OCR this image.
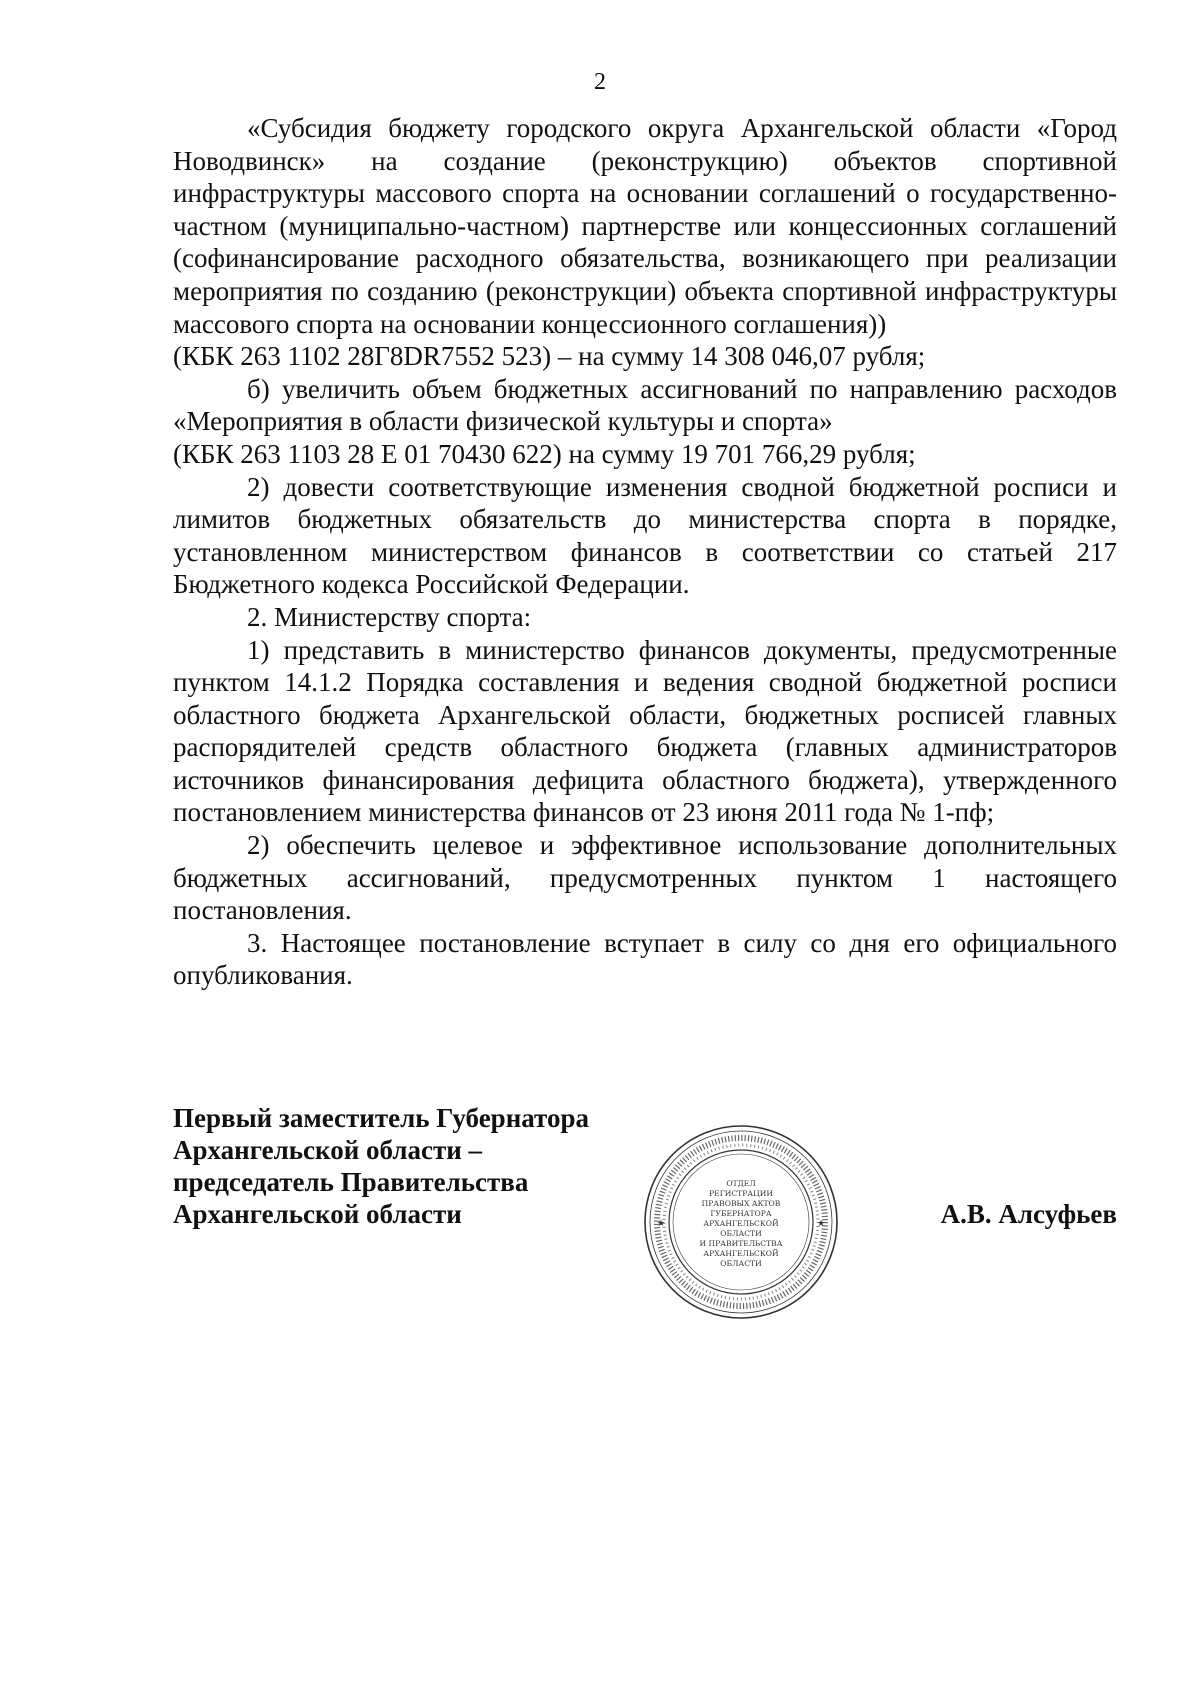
2

«Субсидия бюджету городского округа Архангельской области «Город Новодвинск» на создание (реконструкцию) объектов спортивной инфраструктуры массового спорта на основании соглашений о государственно-частном (муниципально-частном) партнерстве или концессионных соглашений (софинансирование расходного обязательства, возникающего при реализации мероприятия по созданию (реконструкции) объекта спортивной инфраструктуры массового спорта на основании концессионного соглашения))
(КБК 263 1102 28Г8DR7552 523) – на сумму 14 308 046,07 рубля;

б) увеличить объем бюджетных ассигнований по направлению расходов «Мероприятия в области физической культуры и спорта»
(КБК 263 1103 28 Е 01 70430 622) на сумму 19 701 766,29 рубля;

2) довести соответствующие изменения сводной бюджетной росписи и лимитов бюджетных обязательств до министерства спорта в порядке, установленном министерством финансов в соответствии со статьей 217 Бюджетного кодекса Российской Федерации.

2. Министерству спорта:

1) представить в министерство финансов документы, предусмотренные пунктом 14.1.2 Порядка составления и ведения сводной бюджетной росписи областного бюджета Архангельской области, бюджетных росписей главных распорядителей средств областного бюджета (главных администраторов источников финансирования дефицита областного бюджета), утвержденного постановлением министерства финансов от 23 июня 2011 года № 1-пф;

2) обеспечить целевое и эффективное использование дополнительных бюджетных ассигнований, предусмотренных пунктом 1 настоящего постановления.

3. Настоящее постановление вступает в силу со дня его официального опубликования.

Первый заместитель Губернатора
Архангельской области –
председатель Правительства
Архангельской области
ОТДЕЛ
РЕГИСТРАЦИИ
ПРАВОВЫХ АКТОВ
ГУБЕРНАТОРА
АРХАНГЕЛЬСКОЙ
ОБЛАСТИ
И ПРАВИТЕЛЬСТВА
АРХАНГЕЛЬСКОЙ
ОБЛАСТИ
★	★	А.В. Алсуфьев
